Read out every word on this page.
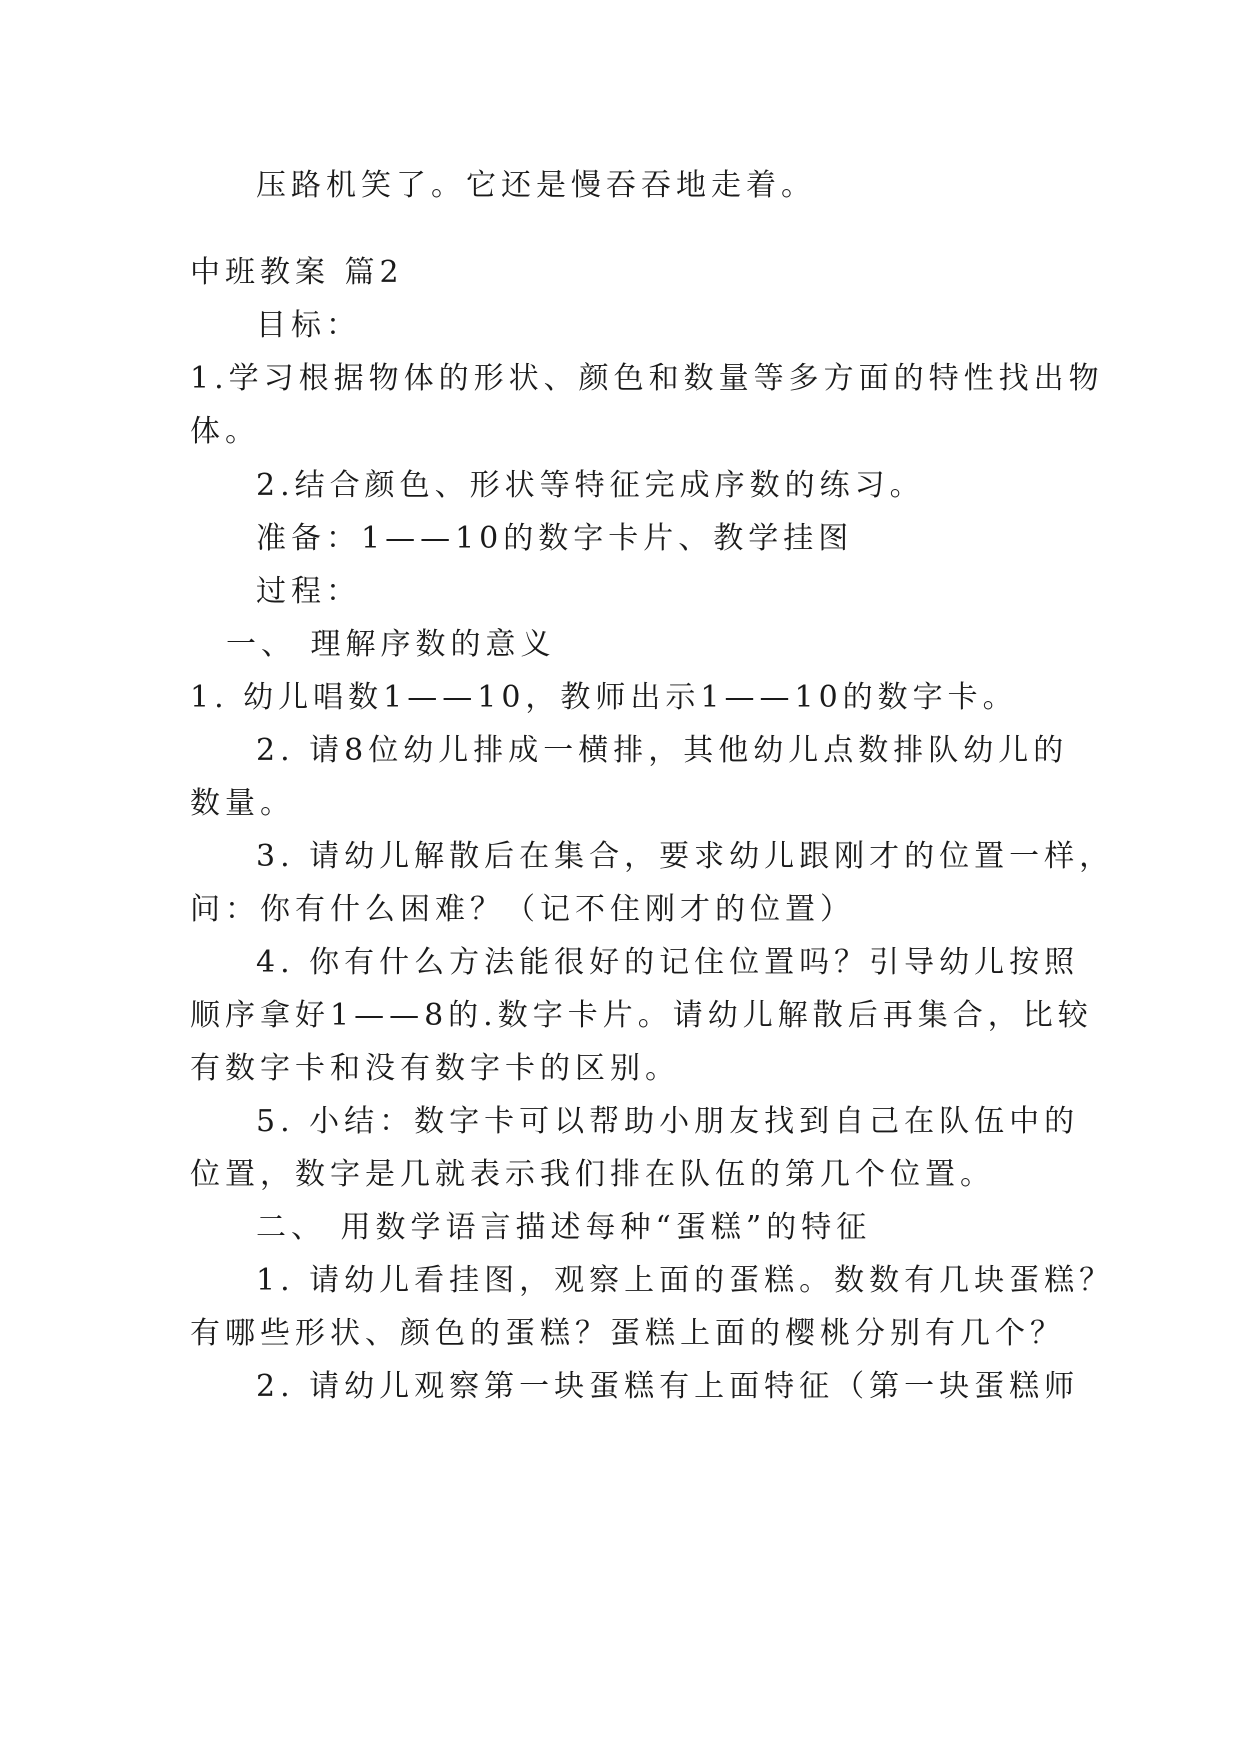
压路机笑了。它还是慢吞吞地走着。
中班教案 篇2
目标：
1.学习根据物体的形状、颜色和数量等多方面的特性找出物
体。
2.结合颜色、形状等特征完成序数的练习。
准备：1——10的数字卡片、教学挂图
过程：
一、 理解序数的意义
1. 幼儿唱数1——10，教师出示1——10的数字卡。
2. 请8位幼儿排成一横排，其他幼儿点数排队幼儿的
数量。
3. 请幼儿解散后在集合，要求幼儿跟刚才的位置一样，
问：你有什么困难？（记不住刚才的位置）
4. 你有什么方法能很好的记住位置吗？引导幼儿按照
顺序拿好1——8的.数字卡片。请幼儿解散后再集合，比较
有数字卡和没有数字卡的区别。
5. 小结：数字卡可以帮助小朋友找到自己在队伍中的
位置，数字是几就表示我们排在队伍的第几个位置。
二、 用数学语言描述每种“蛋糕”的特征
1. 请幼儿看挂图，观察上面的蛋糕。数数有几块蛋糕？
有哪些形状、颜色的蛋糕？蛋糕上面的樱桃分别有几个？
2. 请幼儿观察第一块蛋糕有上面特征（第一块蛋糕师
